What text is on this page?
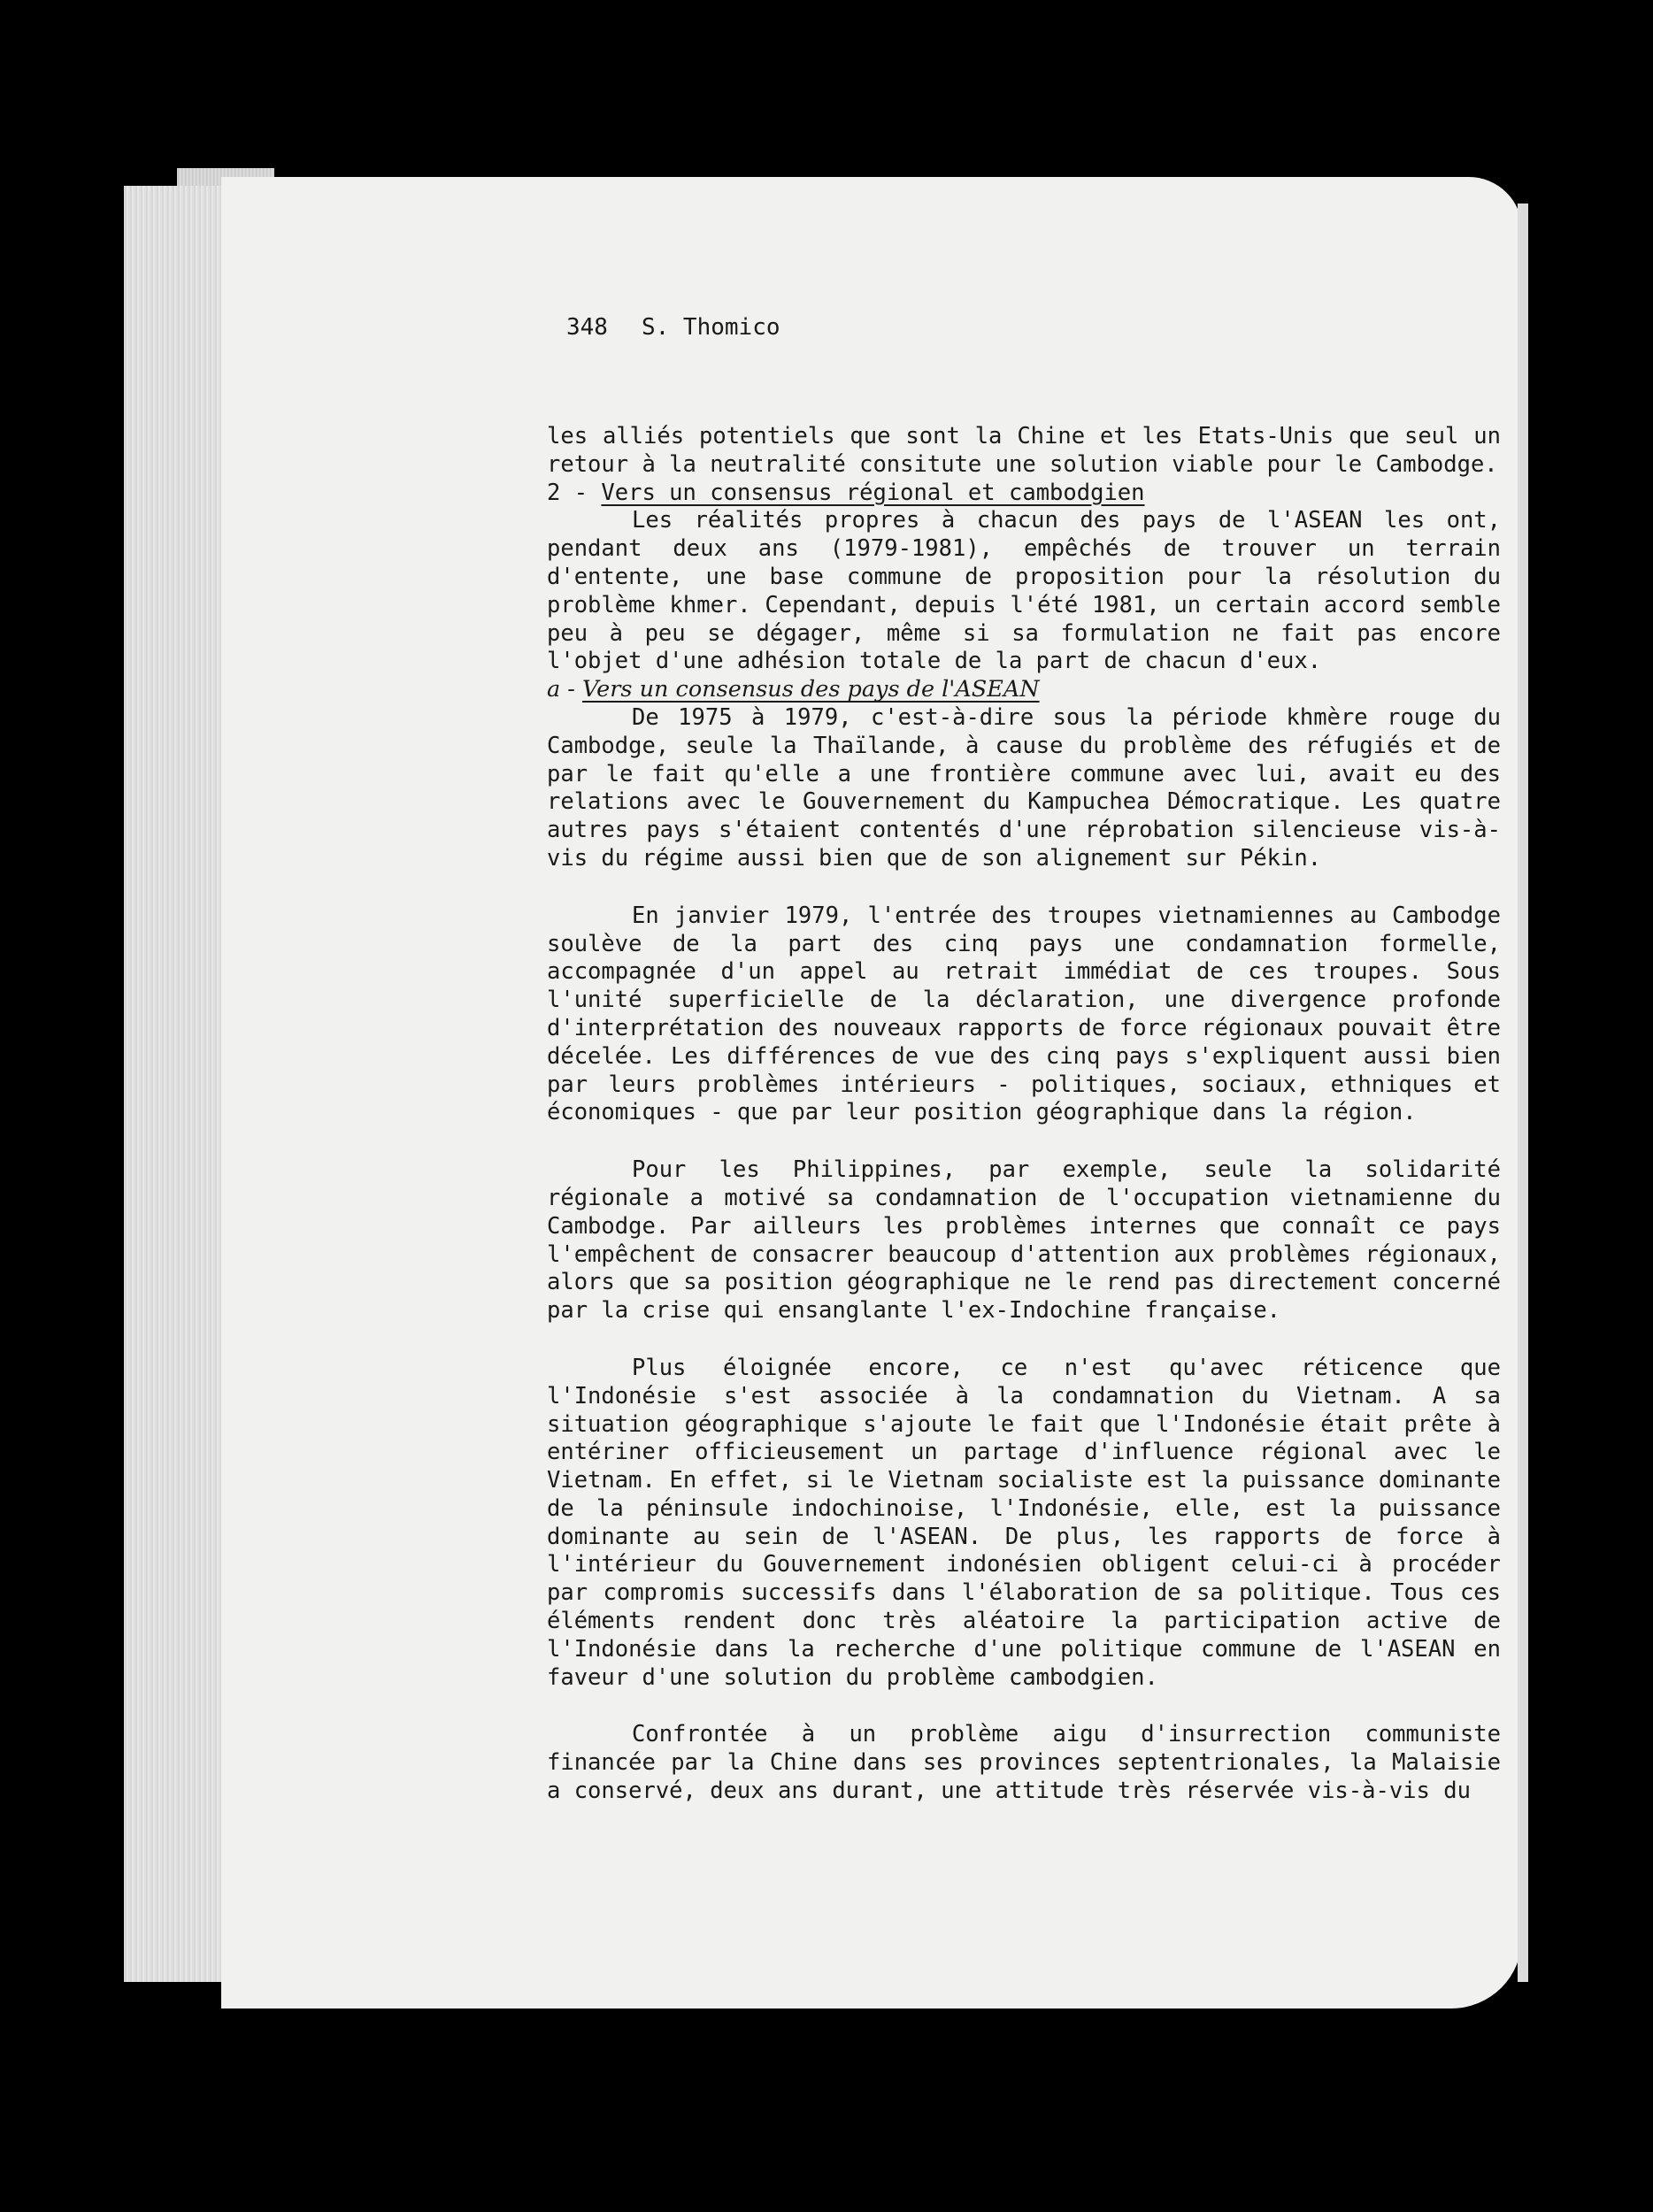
348 S. Thomico

les alliés potentiels que sont la Chine et les Etats-Unis que seul un retour à la neutralité consitute une solution viable pour le Cambodge.

2 - Vers un consensus régional et cambodgien

Les réalités propres à chacun des pays de l'ASEAN les ont, pendant deux ans (1979-1981), empêchés de trouver un terrain d'entente, une base commune de proposition pour la résolution du problème khmer. Cependant, depuis l'été 1981, un certain accord semble peu à peu se dégager, même si sa formulation ne fait pas encore l'objet d'une adhésion totale de la part de chacun d'eux.

a - Vers un consensus des pays de l'ASEAN

De 1975 à 1979, c'est-à-dire sous la période khmère rouge du Cambodge, seule la Thaïlande, à cause du problème des réfugiés et de par le fait qu'elle a une frontière commune avec lui, avait eu des relations avec le Gouvernement du Kampuchea Démocratique. Les quatre autres pays s'étaient contentés d'une réprobation silencieuse vis-à-vis du régime aussi bien que de son alignement sur Pékin.

En janvier 1979, l'entrée des troupes vietnamiennes au Cambodge soulève de la part des cinq pays une condamnation formelle, accompagnée d'un appel au retrait immédiat de ces troupes. Sous l'unité superficielle de la déclaration, une divergence profonde d'interprétation des nouveaux rapports de force régionaux pouvait être décelée. Les différences de vue des cinq pays s'expliquent aussi bien par leurs problèmes intérieurs - politiques, sociaux, ethniques et économiques - que par leur position géographique dans la région.

Pour les Philippines, par exemple, seule la solidarité régionale a motivé sa condamnation de l'occupation vietnamienne du Cambodge. Par ailleurs les problèmes internes que connaît ce pays l'empêchent de consacrer beaucoup d'attention aux problèmes régionaux, alors que sa position géographique ne le rend pas directement concerné par la crise qui ensanglante l'ex-Indochine française.

Plus éloignée encore, ce n'est qu'avec réticence que l'Indonésie s'est associée à la condamnation du Vietnam. A sa situation géographique s'ajoute le fait que l'Indonésie était prête à entériner officieusement un partage d'influence régional avec le Vietnam. En effet, si le Vietnam socialiste est la puissance dominante de la péninsule indochinoise, l'Indonésie, elle, est la puissance dominante au sein de l'ASEAN. De plus, les rapports de force à l'intérieur du Gouvernement indonésien obligent celui-ci à procéder par compromis successifs dans l'élaboration de sa politique. Tous ces éléments rendent donc très aléatoire la participation active de l'Indonésie dans la recherche d'une politique commune de l'ASEAN en faveur d'une solution du problème cambodgien.

Confrontée à un problème aigu d'insurrection communiste financée par la Chine dans ses provinces septentrionales, la Malaisie a conservé, deux ans durant, une attitude très réservée vis-à-vis du
